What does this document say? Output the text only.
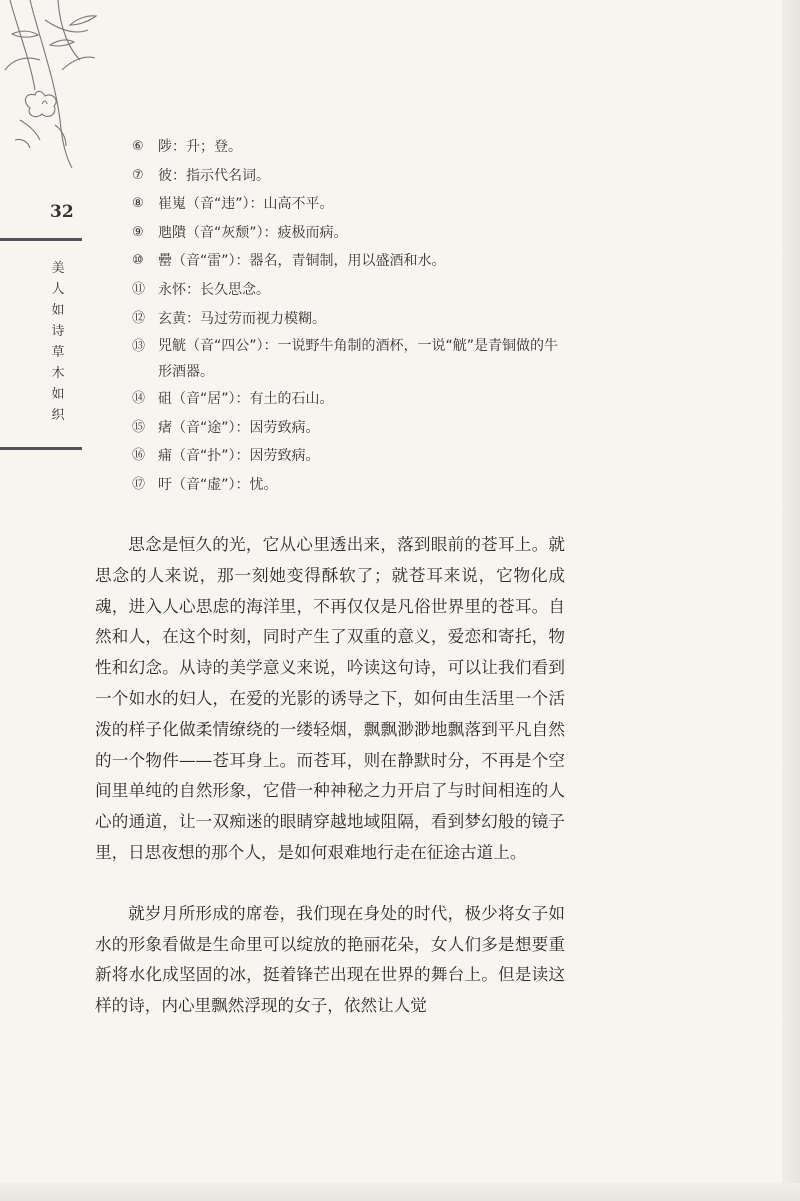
32
美人如诗 草木如织
⑥	陟：升；登。
⑦	彼：指示代名词。
⑧	崔嵬（音“违”）：山高不平。
⑨	虺隤（音“灰颓”）：疲极而病。
⑩	罍（音“雷”）：器名，青铜制，用以盛酒和水。
⑪ 永怀：长久思念。
⑫ 玄黄：马过劳而视力模糊。
⑬ 兕觥（音“四公”）：一说野牛角制的酒杯，一说“觥”是青铜做的牛形酒器。
⑭ 砠（音“居”）：有土的石山。
⑮ 瘏（音“途”）：因劳致病。
⑯ 痡（音“扑”）：因劳致病。
⑰ 吁（音“虚”）：忧。

思念是恒久的光，它从心里透出来，落到眼前的苍耳上。就思念的人来说，那一刻她变得酥软了；就苍耳来说，它物化成魂，进入人心思虑的海洋里，不再仅仅是凡俗世界里的苍耳。自然和人，在这个时刻，同时产生了双重的意义，爱恋和寄托，物性和幻念。从诗的美学意义来说，吟读这句诗，可以让我们看到一个如水的妇人，在爱的光影的诱导之下，如何由生活里一个活泼的样子化做柔情缭绕的一缕轻烟，飘飘渺渺地飘落到平凡自然的一个物件——苍耳身上。而苍耳，则在静默时分，不再是个空间里单纯的自然形象，它借一种神秘之力开启了与时间相连的人心的通道，让一双痴迷的眼睛穿越地域阻隔，看到梦幻般的镜子里，日思夜想的那个人，是如何艰难地行走在征途古道上。

就岁月所形成的席卷，我们现在身处的时代，极少将女子如水的形象看做是生命里可以绽放的艳丽花朵，女人们多是想要重新将水化成坚固的冰，挺着锋芒出现在世界的舞台上。但是读这样的诗，内心里飘然浮现的女子，依然让人觉
